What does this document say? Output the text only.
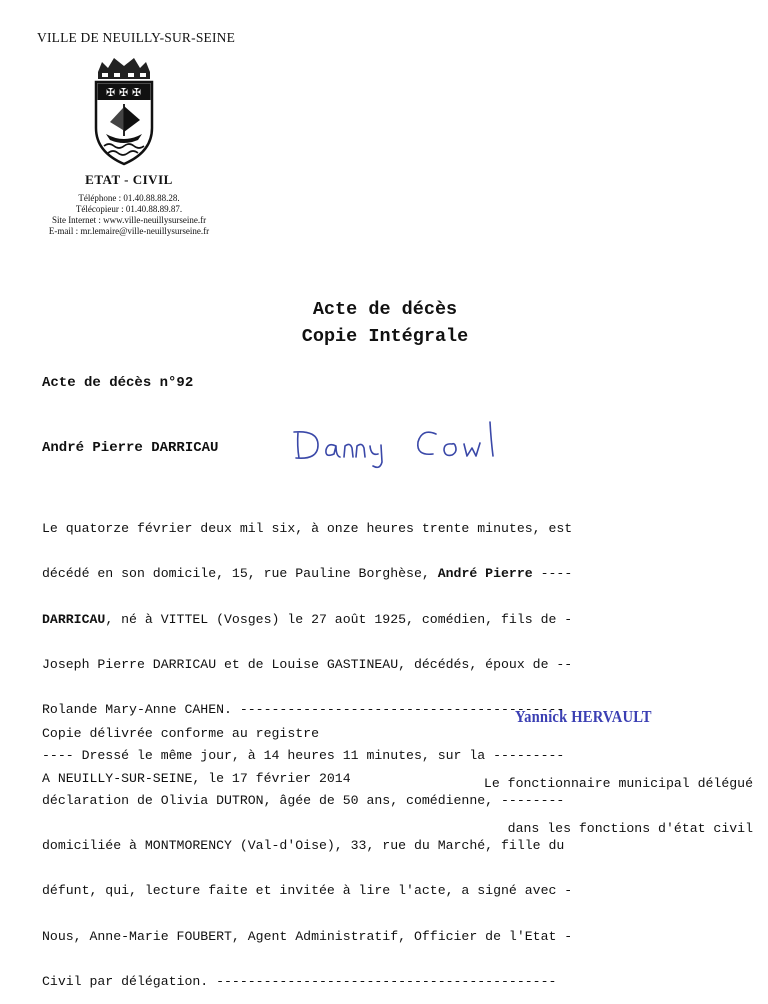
VILLE DE NEUILLY-SUR-SEINE
✠ ✠ ✠
ETAT - CIVIL
Téléphone : 01.40.88.88.28.
Télécopieur : 01.40.88.89.87.
Site Internet : www.ville-neuillysurseine.fr
E-mail : mr.lemaire@ville-neuillysurseine.fr
Acte de décès
Copie Intégrale
Acte de décès n°92
André Pierre DARRICAU

Le quatorze février deux mil six, à onze heures trente minutes, est

décédé en son domicile, 15, rue Pauline Borghèse, André Pierre ----

DARRICAU, né à VITTEL (Vosges) le 27 août 1925, comédien, fils de -

Joseph Pierre DARRICAU et de Louise GASTINEAU, décédés, époux de --

Rolande Mary-Anne CAHEN. -----------------------------------------

---- Dressé le même jour, à 14 heures 11 minutes, sur la ---------

déclaration de Olivia DUTRON, âgée de 50 ans, comédienne, --------

domiciliée à MONTMORENCY (Val-d'Oise), 33, rue du Marché, fille du

défunt, qui, lecture faite et invitée à lire l'acte, a signé avec -

Nous, Anne-Marie FOUBERT, Agent Administratif, Officier de l'Etat -

Civil par délégation. -------------------------------------------

Copie délivrée conforme au registre

A NEUILLY-SUR-SEINE, le 17 février 2014

Yannick HERVAULT

Le fonctionnaire municipal délégué

dans les fonctions d'état civil
